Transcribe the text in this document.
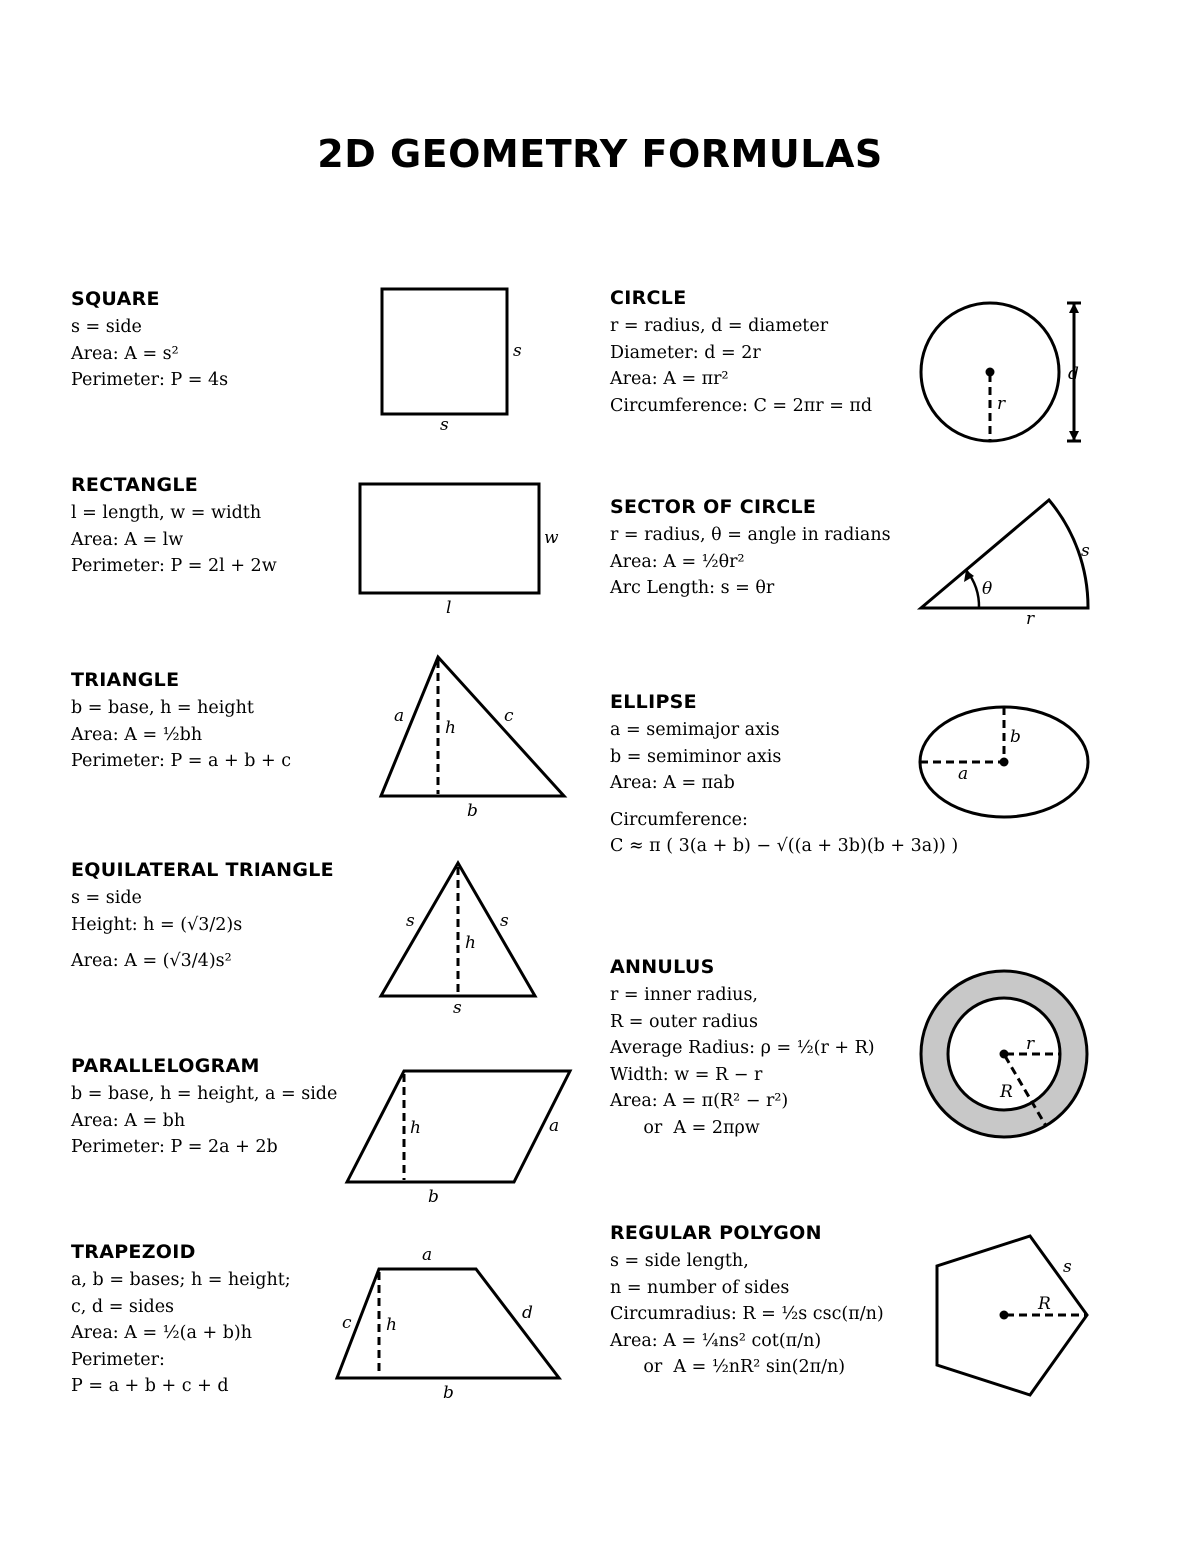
2D GEOMETRY FORMULAS
SQUARE
s = side
Area: A = s²
Perimeter: P = 4s
s
s
RECTANGLE
l = length, w = width
Area: A = lw
Perimeter: P = 2l + 2w
w
l
TRIANGLE
b = base, h = height
Area: A = ½bh
Perimeter: P = a + b + c
a	c
h
b
EQUILATERAL TRIANGLE
s = side
Height: h = (√3/2)s
Area: A = (√3/4)s²
s	s
h
s
PARALLELOGRAM
b = base, h = height, a = side
Area: A = bh
Perimeter: P = 2a + 2b
h	a
b
TRAPEZOID
a, b = bases; h = height;
c, d = sides
Area: A = ½(a + b)h
Perimeter:
P = a + b + c + d
a
c h
d
b
CIRCLE
r = radius, d = diameter
Diameter: d = 2r
Area: A = πr²
Circumference: C = 2πr = πd	r
d
SECTOR OF CIRCLE
r = radius, θ = angle in radians
Area: A = ½θr²
Arc Length: s = θr	θ
s
r
ELLIPSE
a = semimajor axis
b = semiminor axis
Area: A = πab
Circumference:
C ≈ π ( 3(a + b) − √((a + 3b)(b + 3a)) )
a
b
ANNULUS
r = inner radius,
R = outer radius
Average Radius: ρ = ½(r + R)
Width: w = R − r
Area: A = π(R² − r²)
or  A = 2πρw
r
R
REGULAR POLYGON
s = side length,
n = number of sides
Circumradius: R = ½s csc(π/n)
Area: A = ¼ns² cot(π/n)
or  A = ½nR² sin(2π/n)
R
s
